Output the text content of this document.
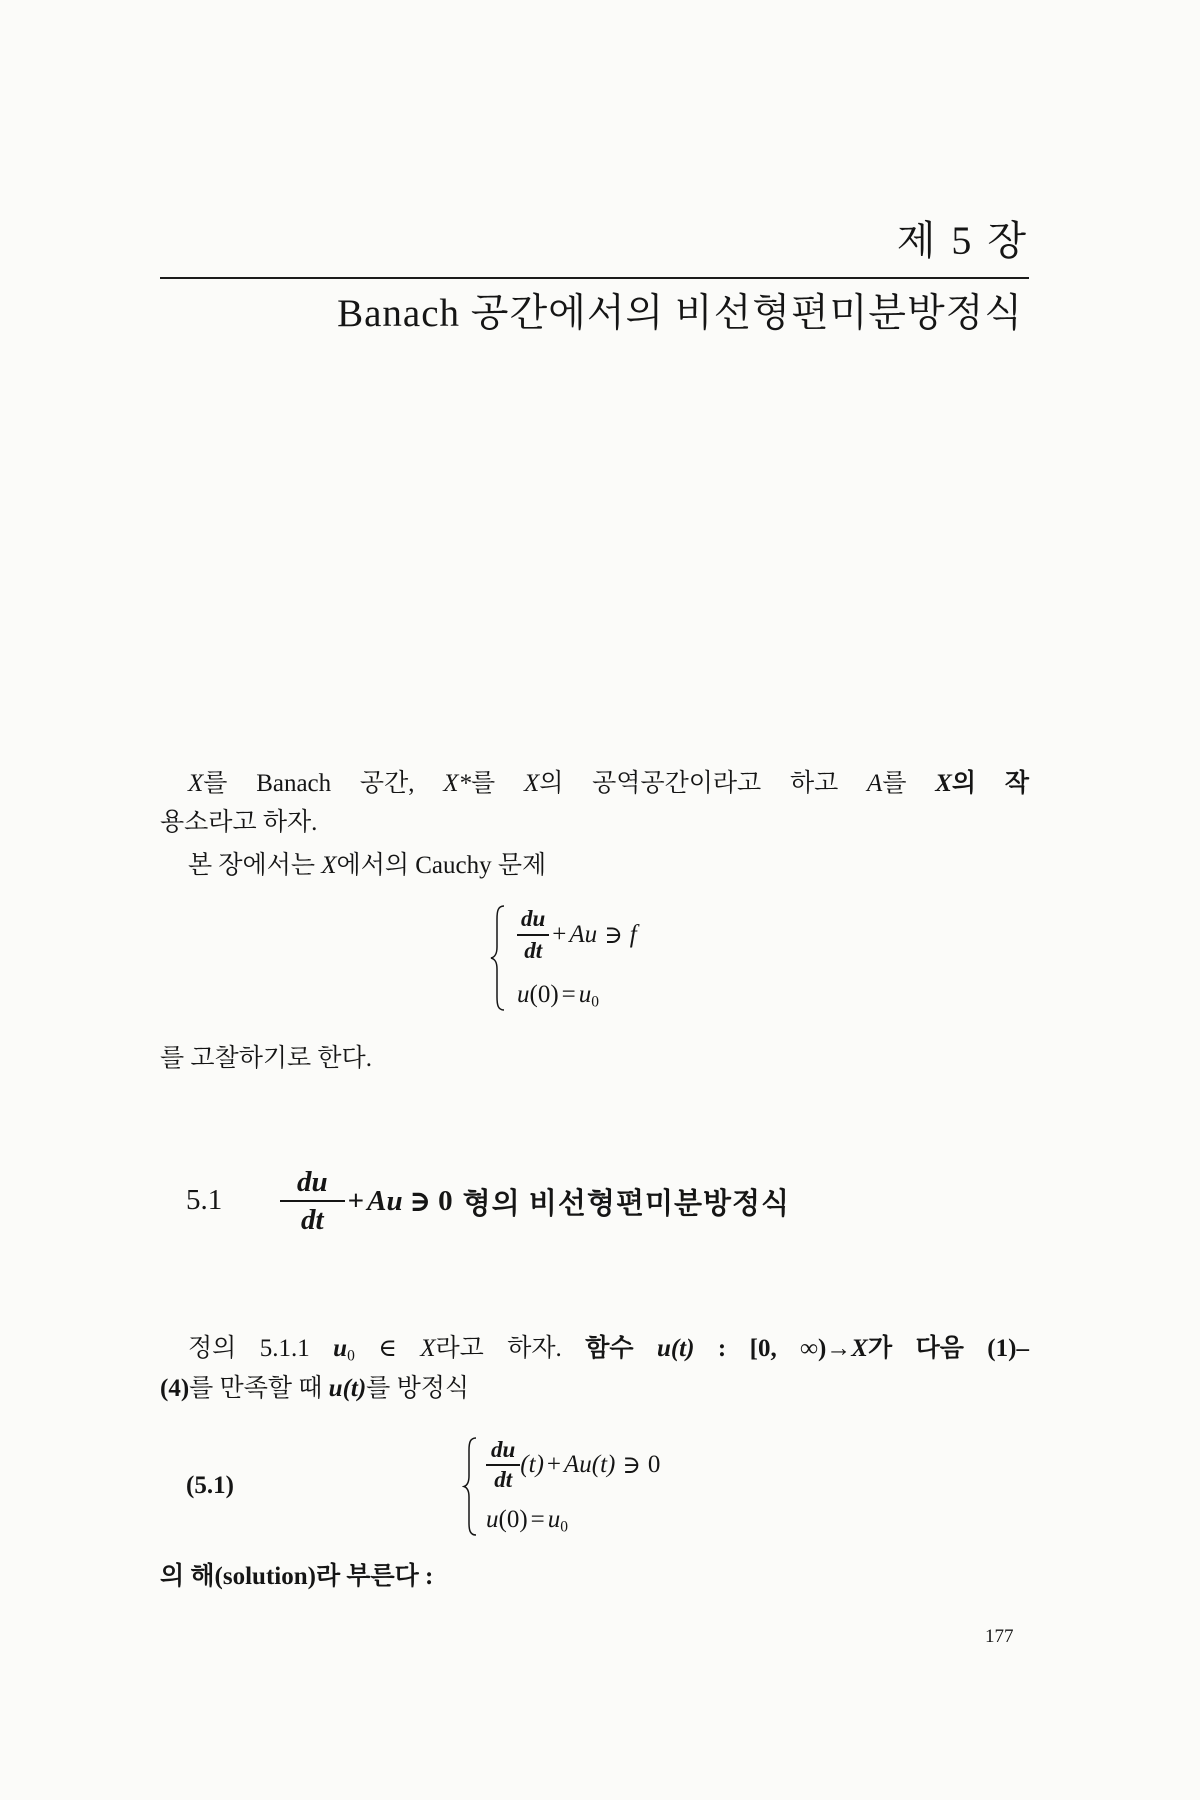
제 5 장
Banach 공간에서의 비선형편미분방정식
X를 Banach 공간, X*를 X의 공역공간이라고 하고 A를 X의 작
용소라고 하자.
본 장에서는 X에서의 Cauchy 문제
$\frac{du}{dt} + Au$ ∋ f
$u(0) = u_0$
를 고찰하기로 한다.
$5.1 \frac{du}{dt} + Au$ ∋ 0 형의 비선형편미분방정식
정의 5.1.1 $u_0$ ∈ X라고 하자. 함수 u(t) : [0, ∞)→X가 다음 (1)–
(4)를 만족할 때 u(t)를 방정식
(5.1)	$\frac{du}{dt} (t) + Au(t)$ ∋ 0
$u(0) = u_0$
의 해(solution)라 부른다 :
177
